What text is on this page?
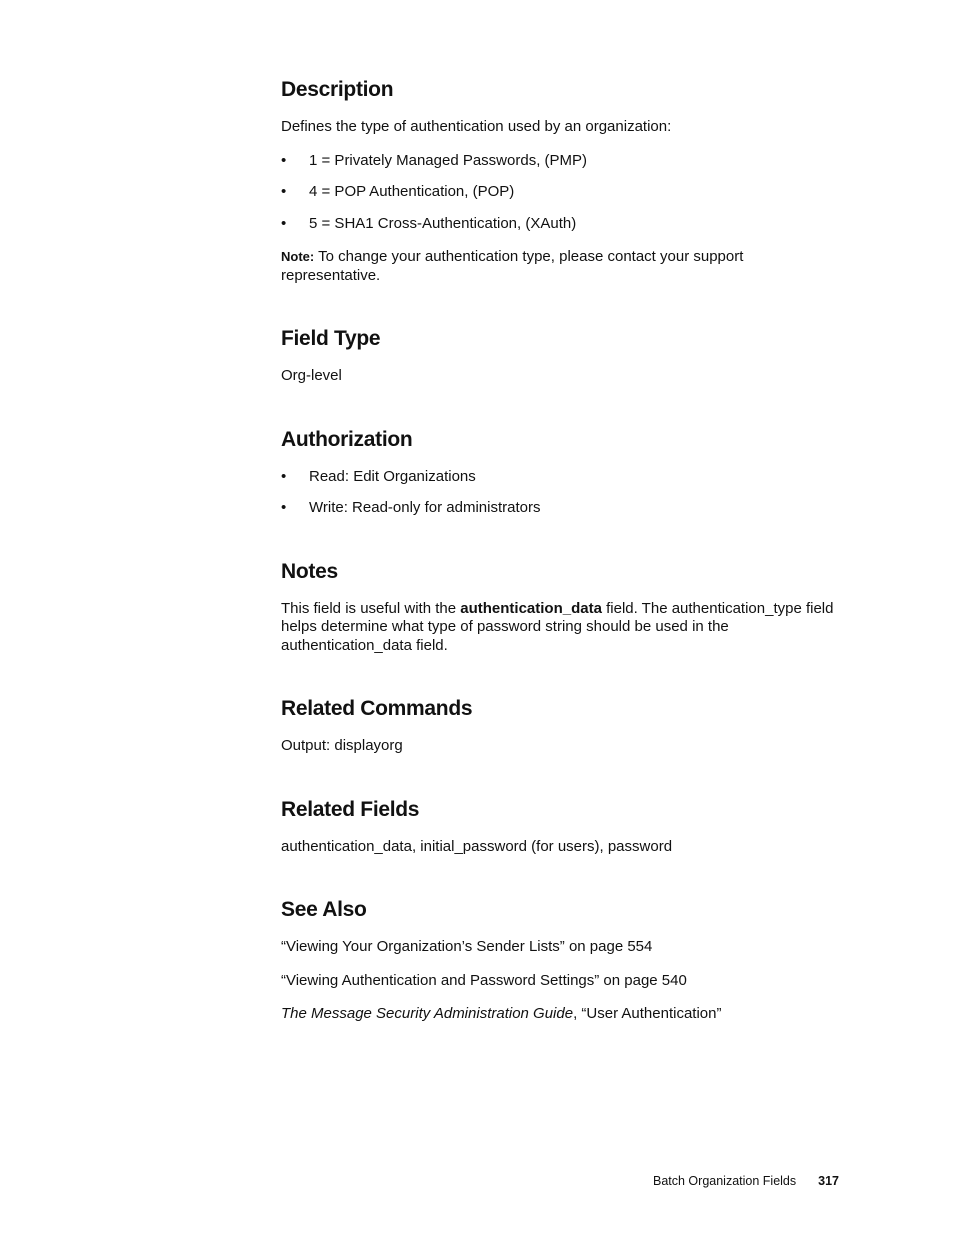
Description

Defines the type of authentication used by an organization:

• 1 = Privately Managed Passwords, (PMP)
• 4 = POP Authentication, (POP)
• 5 = SHA1 Cross-Authentication, (XAuth)

Note: To change your authentication type, please contact your support representative.

Field Type

Org-level

Authorization
• Read: Edit Organizations
• Write: Read-only for administrators
Notes

This field is useful with the authentication_data field. The authentication_type field helps determine what type of password string should be used in the authentication_data field.

Related Commands

Output: displayorg

Related Fields

authentication_data, initial_password (for users), password

See Also

“Viewing Your Organization’s Sender Lists” on page 554

“Viewing Authentication and Password Settings” on page 540

The Message Security Administration Guide, “User Authentication”

Batch Organization Fields 317
